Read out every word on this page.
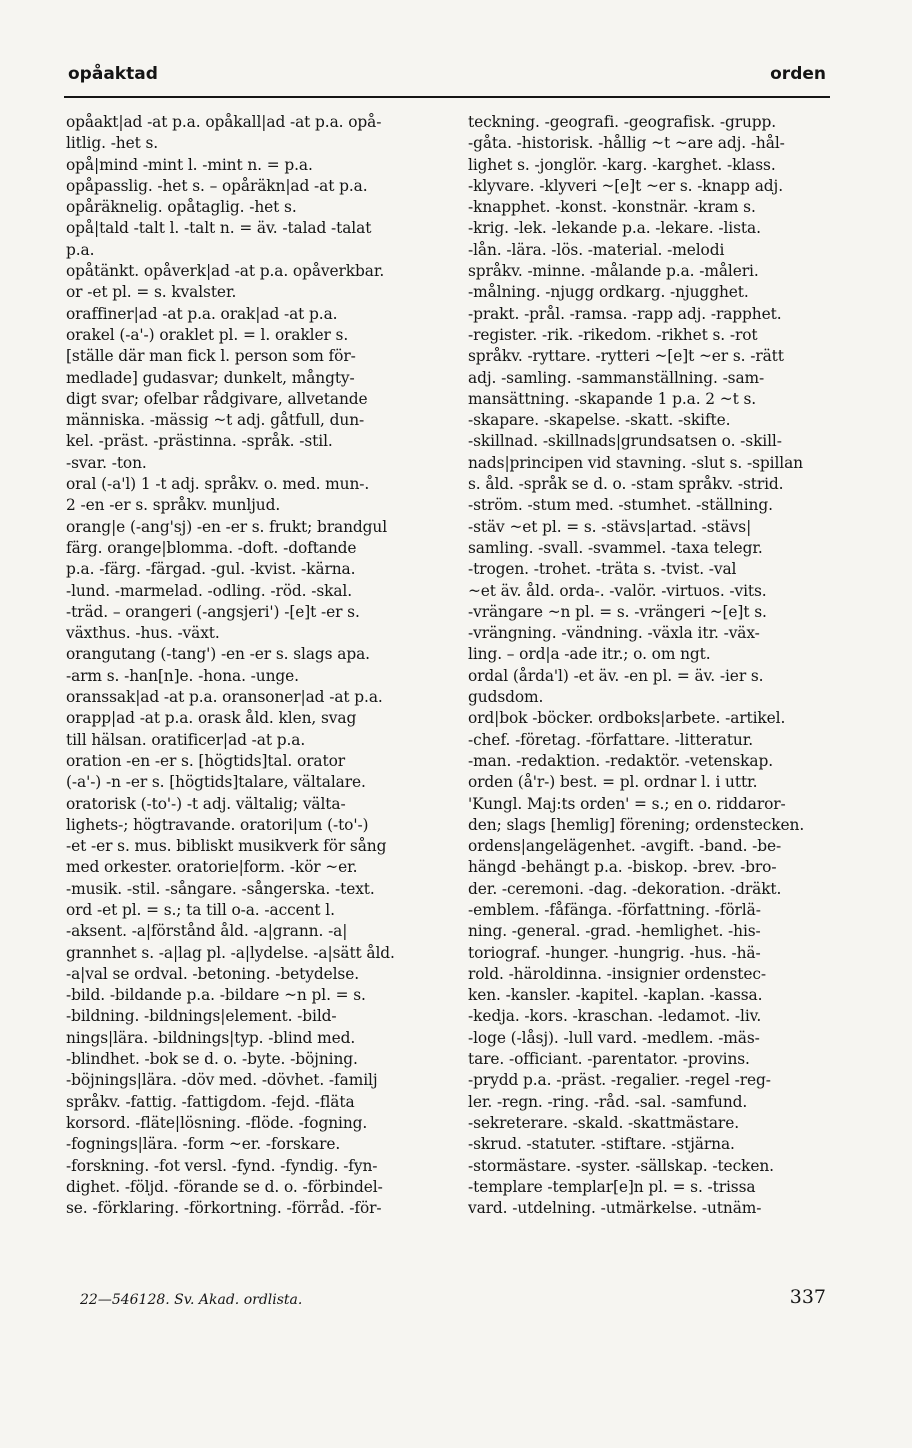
opåaktad	orden
opåakt|ad -at p.a. opåkall|ad -at p.a. opå-
litlig. -het s.
opå|mind -mint l. -mint n. = p.a.
opåpasslig. -het s. – opåräkn|ad -at p.a.
opåräknelig. opåtaglig. -het s.
opå|tald -talt l. -talt n. = äv. -talad -talat
p.a.
opåtänkt. opåverk|ad -at p.a. opåverkbar.
or -et pl. = s. kvalster.
oraffiner|ad -at p.a. orak|ad -at p.a.
orakel (-a'-) oraklet pl. = l. orakler s.
[ställe där man fick l. person som för-
medlade] gudasvar; dunkelt, mångty-
digt svar; ofelbar rådgivare, allvetande
människa. -mässig ~t adj. gåtfull, dun-
kel. -präst. -prästinna. -språk. -stil.
-svar. -ton.
oral (-a'l) 1 -t adj. språkv. o. med. mun-.
2 -en -er s. språkv. munljud.
orang|e (-ang'sj) -en -er s. frukt; brandgul
färg. orange|blomma. -doft. -doftande
p.a. -färg. -färgad. -gul. -kvist. -kärna.
-lund. -marmelad. -odling. -röd. -skal.
-träd. – orangeri (-angsjeri') -[e]t -er s.
växthus. -hus. -växt.
orangutang (-tang') -en -er s. slags apa.
-arm s. -han[n]e. -hona. -unge.
oranssak|ad -at p.a. oransoner|ad -at p.a.
orapp|ad -at p.a. orask åld. klen, svag
till hälsan. oratificer|ad -at p.a.
oration -en -er s. [högtids]tal. orator
(-a'-) -n -er s. [högtids]talare, vältalare.
oratorisk (-to'-) -t adj. vältalig; välta-
lighets-; högtravande. oratori|um (-to'-)
-et -er s. mus. bibliskt musikverk för sång
med orkester. oratorie|form. -kör ~er.
-musik. -stil. -sångare. -sångerska. -text.
ord -et pl. = s.; ta till o-a. -accent l.
-aksent. -a|förstånd åld. -a|grann. -a|
grannhet s. -a|lag pl. -a|lydelse. -a|sätt åld.
-a|val se ordval. -betoning. -betydelse.
-bild. -bildande p.a. -bildare ~n pl. = s.
-bildning. -bildnings|element. -bild-
nings|lära. -bildnings|typ. -blind med.
-blindhet. -bok se d. o. -byte. -böjning.
-böjnings|lära. -döv med. -dövhet. -familj
språkv. -fattig. -fattigdom. -fejd. -fläta
korsord. -fläte|lösning. -flöde. -fogning.
-fognings|lära. -form ~er. -forskare.
-forskning. -fot versl. -fynd. -fyndig. -fyn-
dighet. -följd. -förande se d. o. -förbindel-
se. -förklaring. -förkortning. -förråd. -för-
teckning. -geografi. -geografisk. -grupp.
-gåta. -historisk. -hållig ~t ~are adj. -hål-
lighet s. -jonglör. -karg. -karghet. -klass.
-klyvare. -klyveri ~[e]t ~er s. -knapp adj.
-knapphet. -konst. -konstnär. -kram s.
-krig. -lek. -lekande p.a. -lekare. -lista.
-lån. -lära. -lös. -material. -melodi
språkv. -minne. -målande p.a. -måleri.
-målning. -njugg ordkarg. -njugghet.
-prakt. -prål. -ramsa. -rapp adj. -rapphet.
-register. -rik. -rikedom. -rikhet s. -rot
språkv. -ryttare. -rytteri ~[e]t ~er s. -rätt
adj. -samling. -sammanställning. -sam-
mansättning. -skapande 1 p.a. 2 ~t s.
-skapare. -skapelse. -skatt. -skifte.
-skillnad. -skillnads|grundsatsen o. -skill-
nads|principen vid stavning. -slut s. -spillan
s. åld. -språk se d. o. -stam språkv. -strid.
-ström. -stum med. -stumhet. -ställning.
-stäv ~et pl. = s. -stävs|artad. -stävs|
samling. -svall. -svammel. -taxa telegr.
-trogen. -trohet. -träta s. -tvist. -val
~et äv. åld. orda-. -valör. -virtuos. -vits.
-vrängare ~n pl. = s. -vrängeri ~[e]t s.
-vrängning. -vändning. -växla itr. -väx-
ling. – ord|a -ade itr.; o. om ngt.
ordal (årda'l) -et äv. -en pl. = äv. -ier s.
gudsdom.
ord|bok -böcker. ordboks|arbete. -artikel.
-chef. -företag. -författare. -litteratur.
-man. -redaktion. -redaktör. -vetenskap.
orden (å'r-) best. = pl. ordnar l. i uttr.
'Kungl. Maj:ts orden' = s.; en o. riddaror-
den; slags [hemlig] förening; ordenstecken.
ordens|angelägenhet. -avgift. -band. -be-
hängd -behängt p.a. -biskop. -brev. -bro-
der. -ceremoni. -dag. -dekoration. -dräkt.
-emblem. -fåfänga. -författning. -förlä-
ning. -general. -grad. -hemlighet. -his-
toriograf. -hunger. -hungrig. -hus. -hä-
rold. -häroldinna. -insignier ordenstec-
ken. -kansler. -kapitel. -kaplan. -kassa.
-kedja. -kors. -kraschan. -ledamot. -liv.
-loge (-låsj). -lull vard. -medlem. -mäs-
tare. -officiant. -parentator. -provins.
-prydd p.a. -präst. -regalier. -regel -reg-
ler. -regn. -ring. -råd. -sal. -samfund.
-sekreterare. -skald. -skattmästare.
-skrud. -statuter. -stiftare. -stjärna.
-stormästare. -syster. -sällskap. -tecken.
-templare -templar[e]n pl. = s. -trissa
vard. -utdelning. -utmärkelse. -utnäm-
22—546128. Sv. Akad. ordlista.	337
